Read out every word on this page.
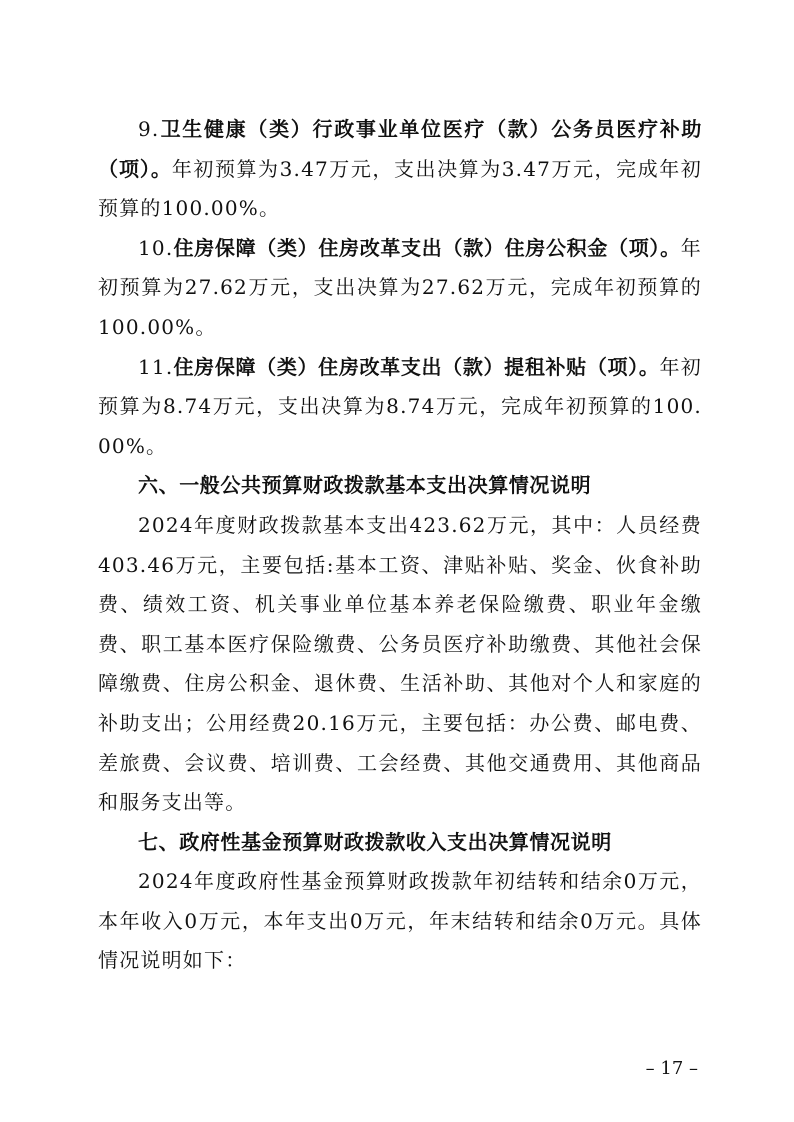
9.卫生健康（类）行政事业单位医疗（款）公务员医疗补助（项）。年初预算为3.47万元，支出决算为3.47万元，完成年初预算的100.00%。

10.住房保障（类）住房改革支出（款）住房公积金（项）。年初预算为27.62万元，支出决算为27.62万元，完成年初预算的100.00%。

11.住房保障（类）住房改革支出（款）提租补贴（项）。年初预算为8.74万元，支出决算为8.74万元，完成年初预算的100.00%。

六、一般公共预算财政拨款基本支出决算情况说明

2024年度财政拨款基本支出423.62万元，其中：人员经费403.46万元，主要包括:基本工资、津贴补贴、奖金、伙食补助费、绩效工资、机关事业单位基本养老保险缴费、职业年金缴费、职工基本医疗保险缴费、公务员医疗补助缴费、其他社会保障缴费、住房公积金、退休费、生活补助、其他对个人和家庭的补助支出；公用经费20.16万元，主要包括：办公费、邮电费、差旅费、会议费、培训费、工会经费、其他交通费用、其他商品和服务支出等。

七、政府性基金预算财政拨款收入支出决算情况说明

2024年度政府性基金预算财政拨款年初结转和结余0万元，本年收入0万元，本年支出0万元，年末结转和结余0万元。具体情况说明如下：

– 17 –
